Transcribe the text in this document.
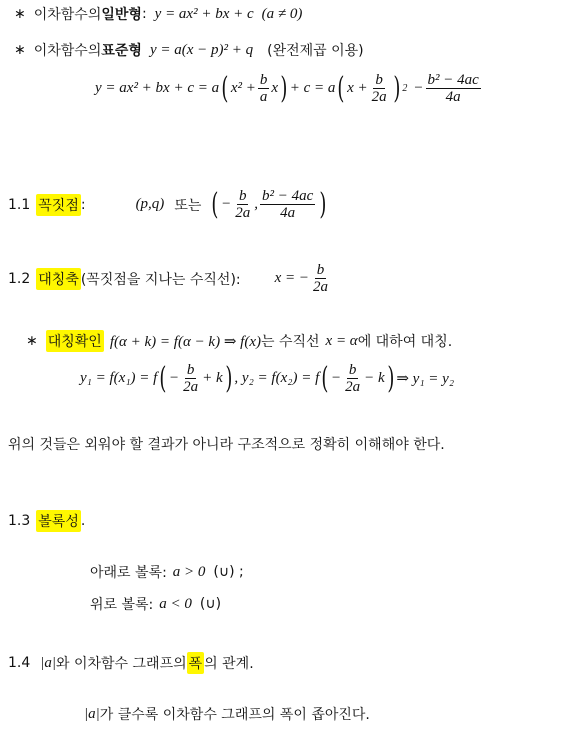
∗ 이차함수의 일반형 : y = ax² + bx + c (a ≠ 0)
∗ 이차함수의 표준형 y = a(x − p)² + q (완전제곱 이용)
y = ax² + bx + c = a ( $x^2 + \frac{b}{a}$ x ) + c = a ( $x + \frac{b}{2a}$ ) $2 - \frac{\text{b² − 4ac}}{4a}$
1.1 꼭짓점 :	(p,q) 또는 ( − $\frac{b}{2a}$ , $\frac{\text{b² − 4ac}}{4a}$ )
1.2 대칭축 (꼭짓점을 지나는 수직선): x = − $\frac{b}{2a}$
∗ 대칭확인 f(α + k) = f(α − k) ⇒ f(x) 는 수직선 x = α 에 대하여 대칭.
y₁ = f(x₁) = f ( − $\frac{b}{2a} + k$ ) , y₂ = f(x₂) = f ( − $\frac{b}{2a} - k$ ) ⇒ y₁ = y₂
위의 것들은 외워야 할 결과가 아니라 구조적으로 정확히 이해해야 한다.
1.3 볼록성 .
아래로 볼록: a > 0 (∪) ;
위로 볼록: a < 0 (∪)
1.4 |a| 와 이차함수 그래프의 폭 의 관계.
|a| 가 클수록 이차함수 그래프의 폭이 좁아진다.
